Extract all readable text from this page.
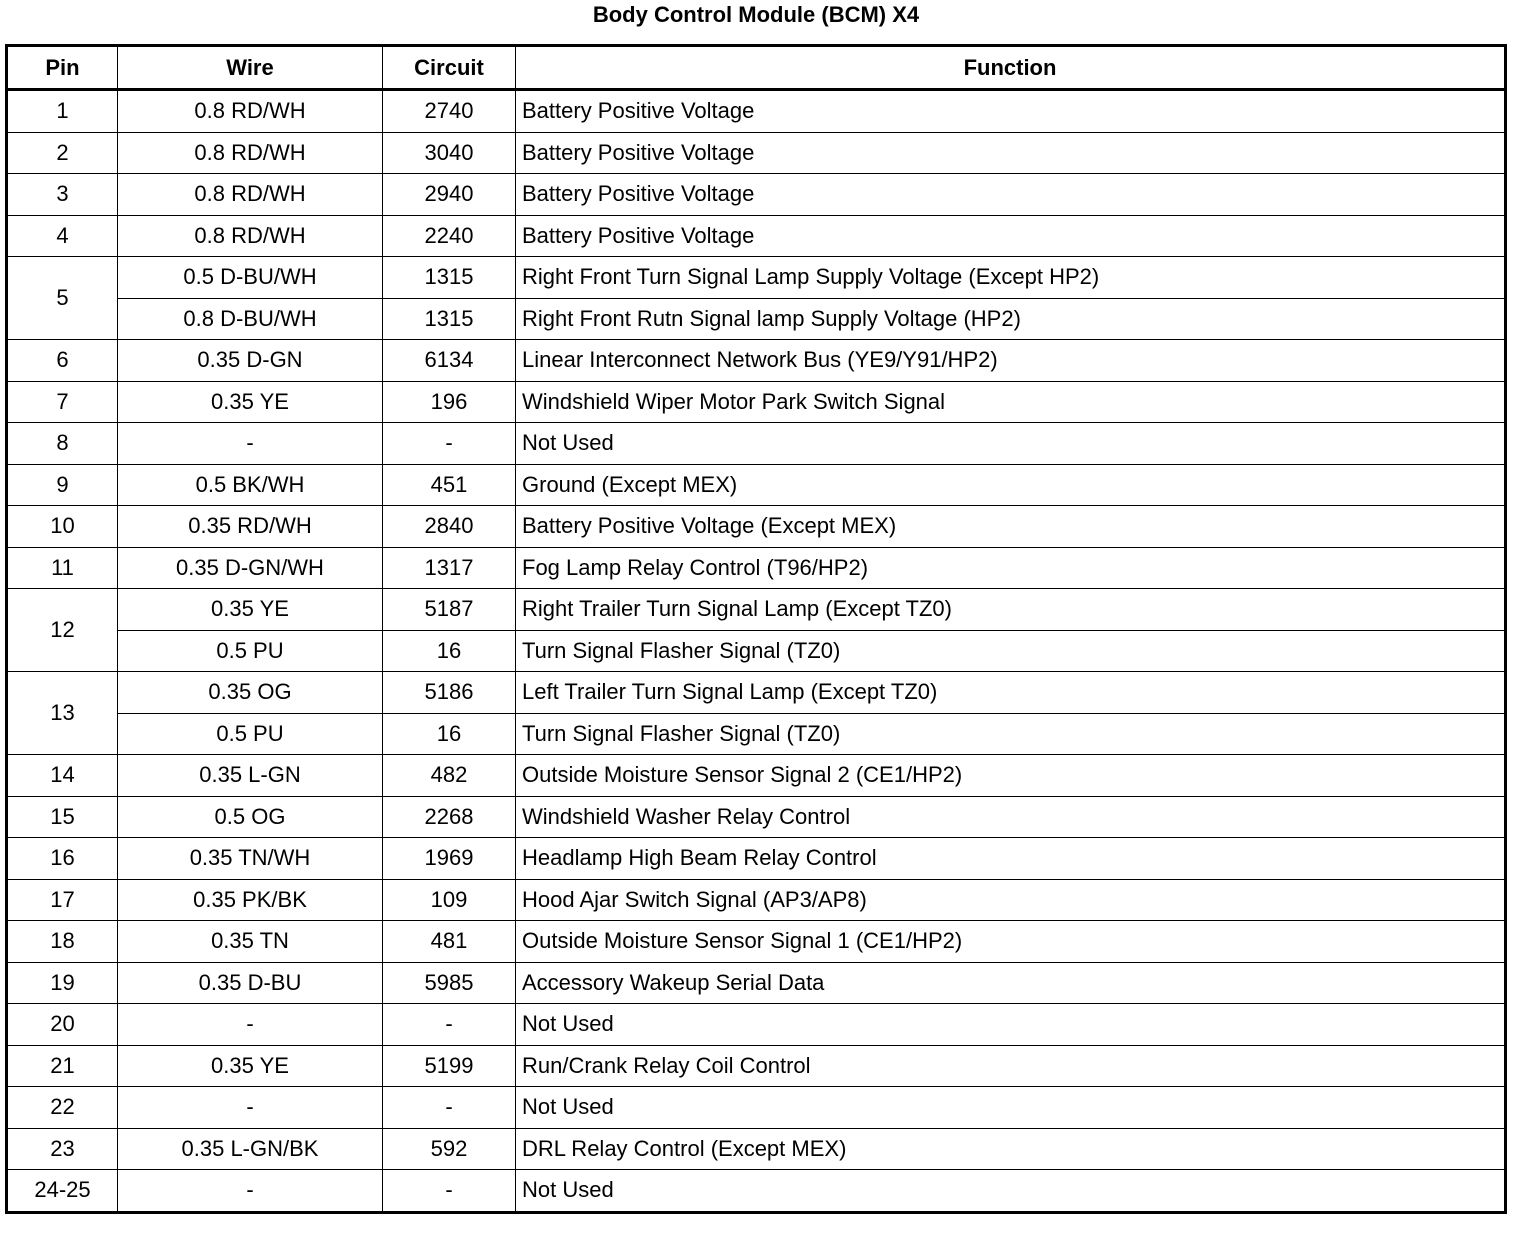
Body Control Module (BCM) X4
Pin	Wire	Circuit	Function
1	0.8 RD/WH	2740	Battery Positive Voltage
2	0.8 RD/WH	3040	Battery Positive Voltage
3	0.8 RD/WH	2940	Battery Positive Voltage
4	0.8 RD/WH	2240	Battery Positive Voltage
5	0.5 D-BU/WH	1315	Right Front Turn Signal Lamp Supply Voltage (Except HP2)
	0.8 D-BU/WH	1315	Right Front Rutn Signal lamp Supply Voltage (HP2)
6	0.35 D-GN	6134	Linear Interconnect Network Bus (YE9/Y91/HP2)
7	0.35 YE	196	Windshield Wiper Motor Park Switch Signal
8	-	-	Not Used
9	0.5 BK/WH	451	Ground (Except MEX)
10	0.35 RD/WH	2840	Battery Positive Voltage (Except MEX)
11	0.35 D-GN/WH	1317	Fog Lamp Relay Control (T96/HP2)
12	0.35 YE	5187	Right Trailer Turn Signal Lamp (Except TZ0)
	0.5 PU	16	Turn Signal Flasher Signal (TZ0)
13	0.35 OG	5186	Left Trailer Turn Signal Lamp (Except TZ0)
	0.5 PU	16	Turn Signal Flasher Signal (TZ0)
14	0.35 L-GN	482	Outside Moisture Sensor Signal 2 (CE1/HP2)
15	0.5 OG	2268	Windshield Washer Relay Control
16	0.35 TN/WH	1969	Headlamp High Beam Relay Control
17	0.35 PK/BK	109	Hood Ajar Switch Signal (AP3/AP8)
18	0.35 TN	481	Outside Moisture Sensor Signal 1 (CE1/HP2)
19	0.35 D-BU	5985	Accessory Wakeup Serial Data
20	-	-	Not Used
21	0.35 YE	5199	Run/Crank Relay Coil Control
22	-	-	Not Used
23	0.35 L-GN/BK	592	DRL Relay Control (Except MEX)
24-25	-	-	Not Used
